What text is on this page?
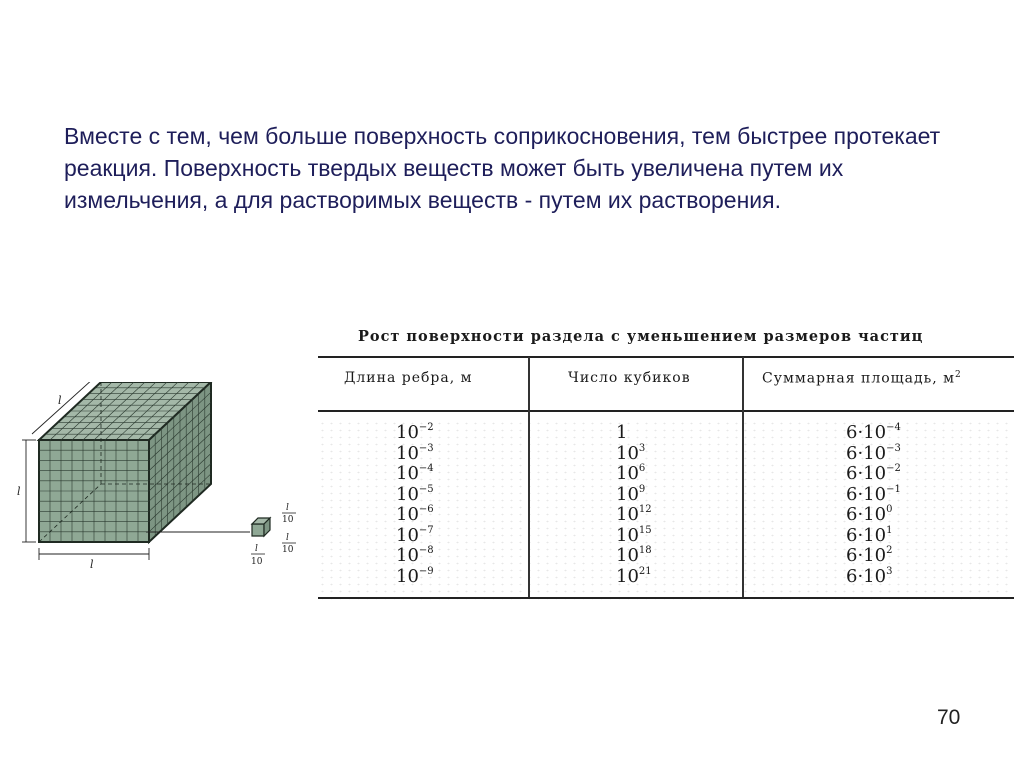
Вместе с тем, чем больше поверхность соприкосновения, тем быстрее протекает реакция. Поверхность твердых веществ может быть увеличена путем их измельчения, а для растворимых веществ - путем их растворения.

l
l
l
l
10
l
10
l
10
Рост поверхности раздела с уменьшением размеров частиц
Длина ребра, м	Число кубиков	Суммарная площадь, $м^2$
$10^{-2}$	1	$6\cdot 10^{-4}$
$10^{-3}$	$10^3$	$6\cdot 10^{-3}$
$10^{-4}$	$10^6$	$6\cdot 10^{-2}$
$10^{-5}$	$10^9$	$6\cdot 10^{-1}$
$10^{-6}$	$10^{12}$	$6\cdot 10^0$
$10^{-7}$	$10^{15}$	$6\cdot 10^1$
$10^{-8}$	$10^{18}$	$6\cdot 10^2$
$10^{-9}$	$10^{21}$	$6\cdot 10^3$
70
